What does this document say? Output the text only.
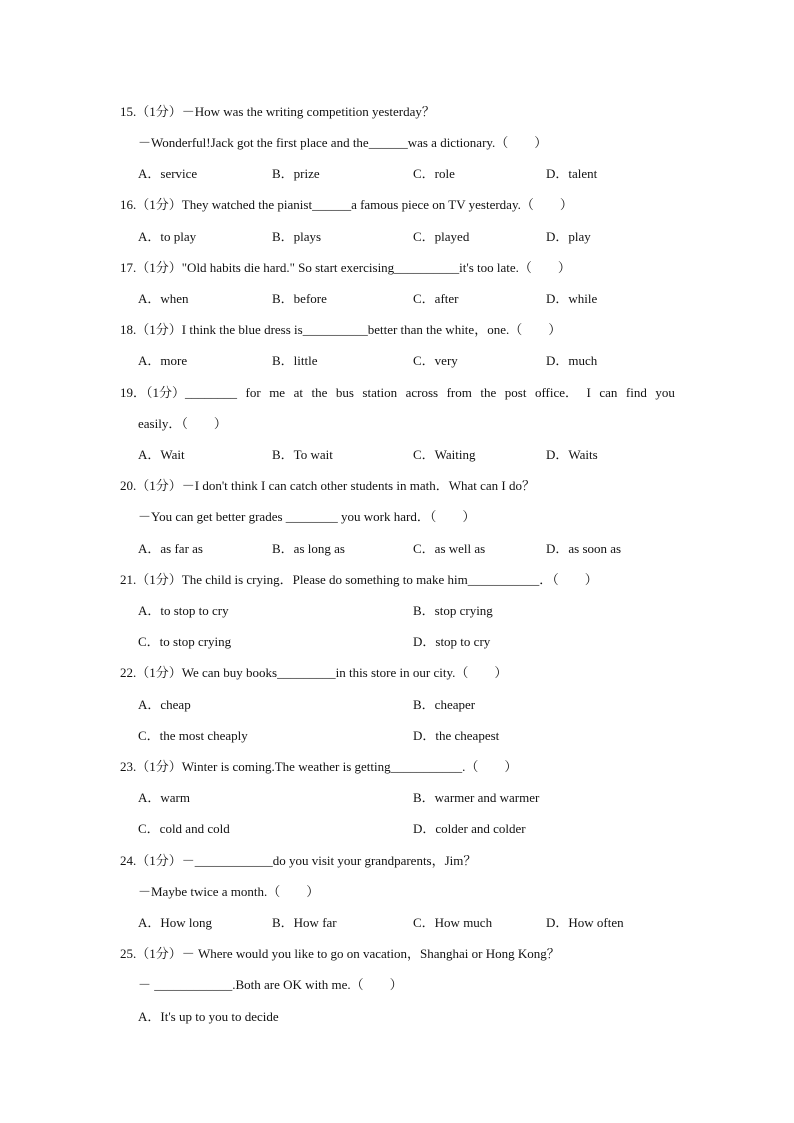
15.（1分）－How was the writing competition yesterday？
－Wonderful!Jack got the first place and the______was a dictionary.（　　）
A．service	B．prize	C．role	D．talent
16.（1分）They watched the pianist______a famous piece on TV yesterday.（　　）
A．to play	B．plays	C．played	D．play
17.（1分）"Old habits die hard." So start exercising__________it's too late.（　　）
A．when	B．before	C．after	D．while
18.（1分）I think the blue dress is__________better than the white，one.（　　）
A．more	B．little	C．very	D．much
19．（1分）________ for me at the bus station across from the post office． I can find you
easily．（　　）
A．Wait	B．To wait	C．Waiting	D．Waits
20.（1分）－I don't think I can catch other students in math．What can I do？
－You can get better grades ________ you work hard．（　　）
A．as far as	B．as long as	C．as well as	D．as soon as
21.（1分）The child is crying．Please do something to make him___________．（　　）
A．to stop to cry	B．stop crying
C．to stop crying	D．stop to cry
22.（1分）We can buy books_________in this store in our city.（　　）
A．cheap	B．cheaper
C．the most cheaply	D．the cheapest
23.（1分）Winter is coming.The weather is getting___________.（　　）
A．warm	B．warmer and warmer
C．cold and cold	D．colder and colder
24.（1分）－____________do you visit your grandparents，Jim？
－Maybe twice a month.（　　）
A．How long	B．How far	C．How much	D．How often
25.（1分）－ Where would you like to go on vacation，Shanghai or Hong Kong？
－ ____________.Both are OK with me.（　　）
A．It's up to you to decide
